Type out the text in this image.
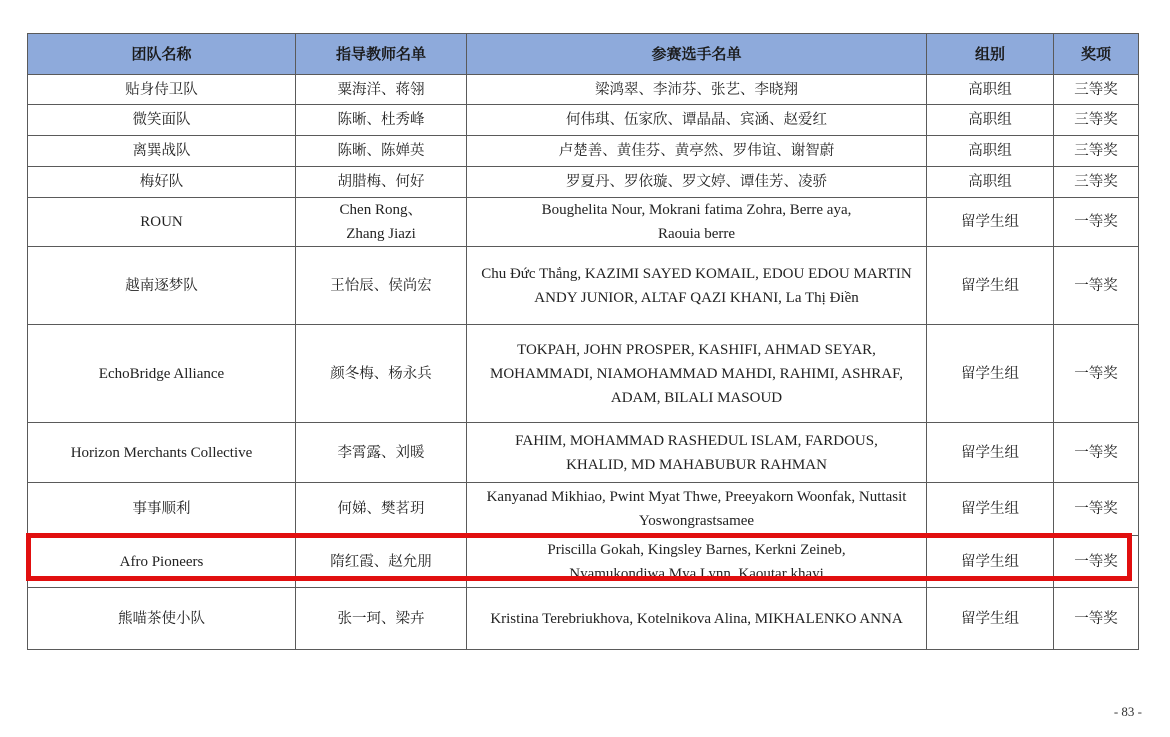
团队名称	指导教师名单	参赛选手名单	组别	奖项
贴身侍卫队	粟海洋、蒋翎	梁鸿翠、李沛芬、张艺、李晓翔	高职组	三等奖
微笑面队	陈晰、杜秀峰	何伟琪、伍家欣、谭晶晶、宾涵、赵爱红	高职组	三等奖
离巽战队	陈晰、陈婵英	卢楚善、黄佳芬、黄亭然、罗伟谊、谢智蔚	高职组	三等奖
梅好队	胡腊梅、何好	罗夏丹、罗依璇、罗文婷、谭佳芳、凌骄	高职组	三等奖
ROUN	Chen Rong、 Zhang Jiazi	Boughelita Nour, Mokrani fatima Zohra, Berre aya, Raouia berre	留学生组	一等奖
越南逐梦队	王怡辰、侯尚宏	Chu Đức Thắng, KAZIMI SAYED KOMAIL, EDOU EDOU MARTIN ANDY JUNIOR, ALTAF QAZI KHANI, La Thị Điền	留学生组	一等奖
EchoBridge Alliance	颜冬梅、杨永兵	TOKPAH, JOHN PROSPER, KASHIFI, AHMAD SEYAR, MOHAMMADI, NIAMOHAMMAD MAHDI, RAHIMI, ASHRAF, ADAM, BILALI MASOUD	留学生组	一等奖
Horizon Merchants Collective	李霄露、刘暖	FAHIM, MOHAMMAD RASHEDUL ISLAM, FARDOUS, KHALID, MD MAHABUBUR RAHMAN	留学生组	一等奖
事事顺利	何娣、樊茗玥	Kanyanad Mikhiao, Pwint Myat Thwe, Preeyakorn Woonfak, Nuttasit Yoswongrastsamee	留学生组	一等奖
Afro Pioneers	隋红霞、赵允朋	Priscilla Gokah, Kingsley Barnes, Kerkni Zeineb, Nyamukondiwa Mya Lynn, Kaoutar khayi	留学生组	一等奖
熊喵茶使小队	张一珂、梁卉	Kristina Terebriukhova, Kotelnikova Alina, MIKHALENKO ANNA	留学生组	一等奖
- 83 -
